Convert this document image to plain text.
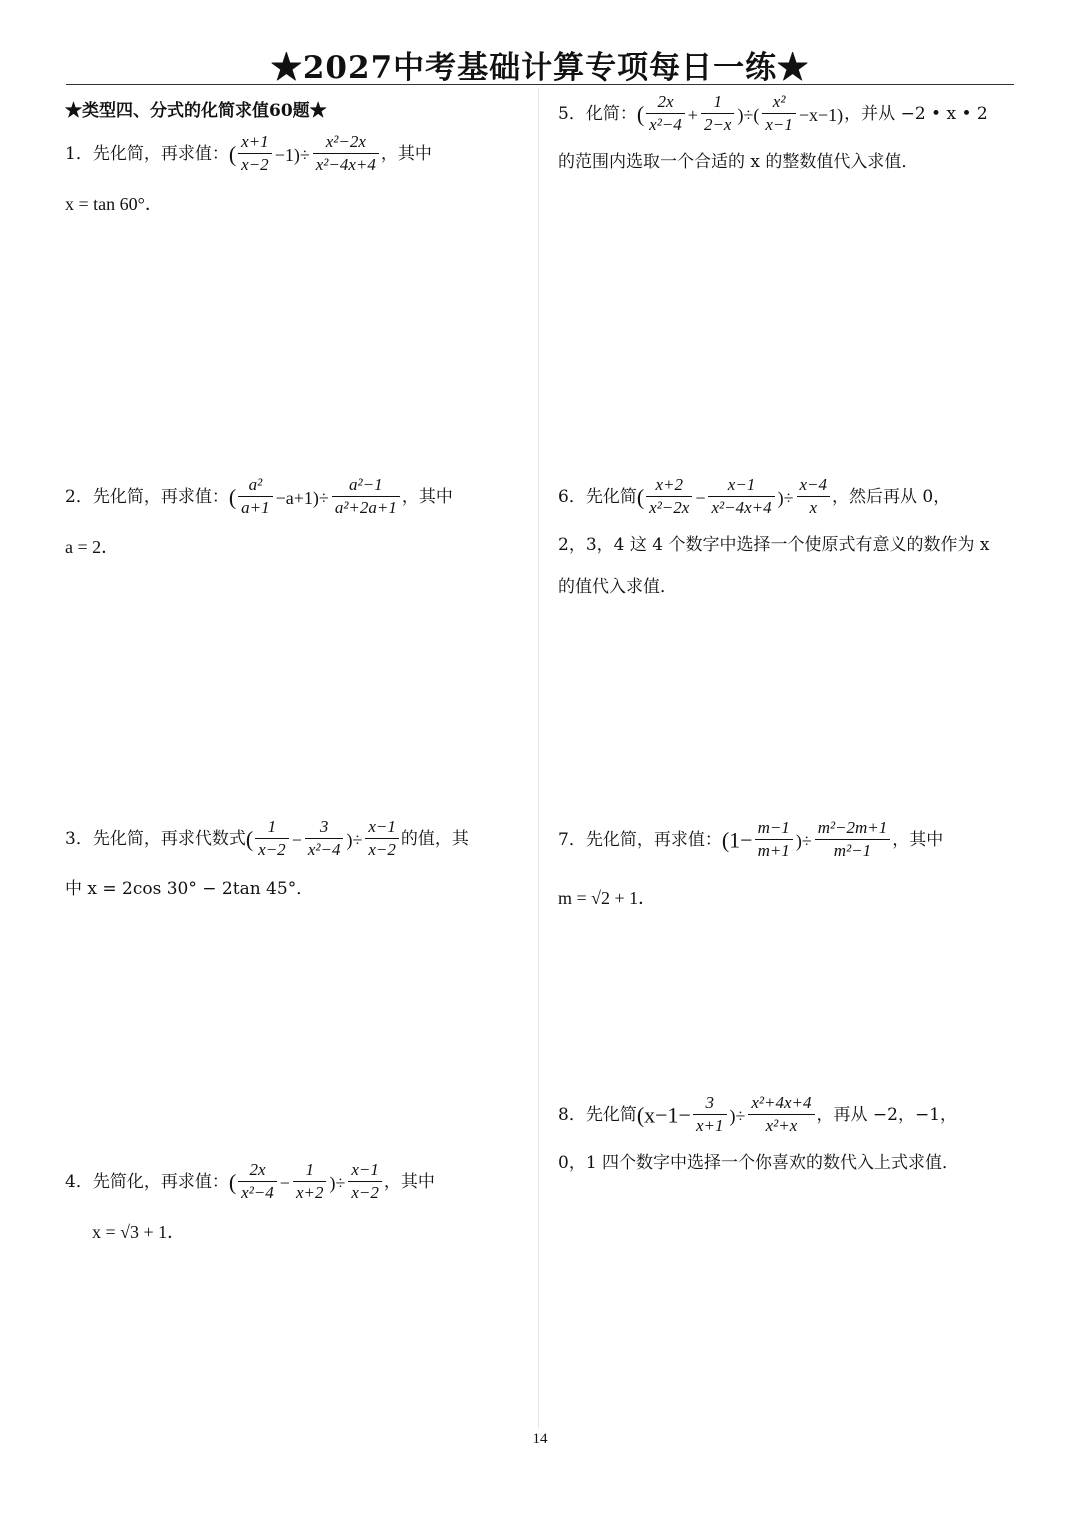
★2027中考基础计算专项每日一练★
★类型四、分式的化简求值60题★
1．先化简，再求值：( $\frac{x+1}{x-2} -1)\div \frac{\text{x²−2x}}{\text{x²−4x+4}}$ ，其中
x = tan 60°．
2．先化简，再求值：( $\frac{\text{a²}}{a+1} -a+1)\div \frac{\text{a²−1}}{\text{a²+2a+1}}$ ，其中
a = 2．
3．先化简，再求代数式( $\frac{1}{x-2} - \frac{3}{\text{x²−4}}$ )÷ $\frac{x-1}{x-2}$ 的值，其
中 x = 2cos 30° − 2tan 45°．
4．先简化，再求值：( $\frac{2x}{\text{x²−4}} - \frac{1}{x+2}$ )÷ $\frac{x-1}{x-2}$ ，其中
x = √3 + 1．
5．化简：( $\frac{2x}{\text{x²−4}} + \frac{1}{2-x}$ )÷( $\frac{\text{x²}}{x-1} -x-1$)，并从 −2 • x • 2
的范围内选取一个合适的 x 的整数值代入求值．
6．先化简( $\frac{x+2}{\text{x²−2x}} - \frac{x-1}{\text{x²−4x+4}}$ )÷ $\frac{x-4}{x}$ ，然后再从 0，
2，3，4 这 4 个数字中选择一个使原式有意义的数作为 x
的值代入求值．
7．先化简，再求值：($1- \frac{m-1}{m+1}$ )÷ $\frac{\text{m²−2m+1}}{\text{m²−1}}$ ，其中
m = √2 + 1．
8．先化简($x-1- \frac{3}{x+1}$ )÷ $\frac{\text{x²+4x+4}}{\text{x²+x}}$ ，再从 −2，−1，
0，1 四个数字中选择一个你喜欢的数代入上式求值．
14
